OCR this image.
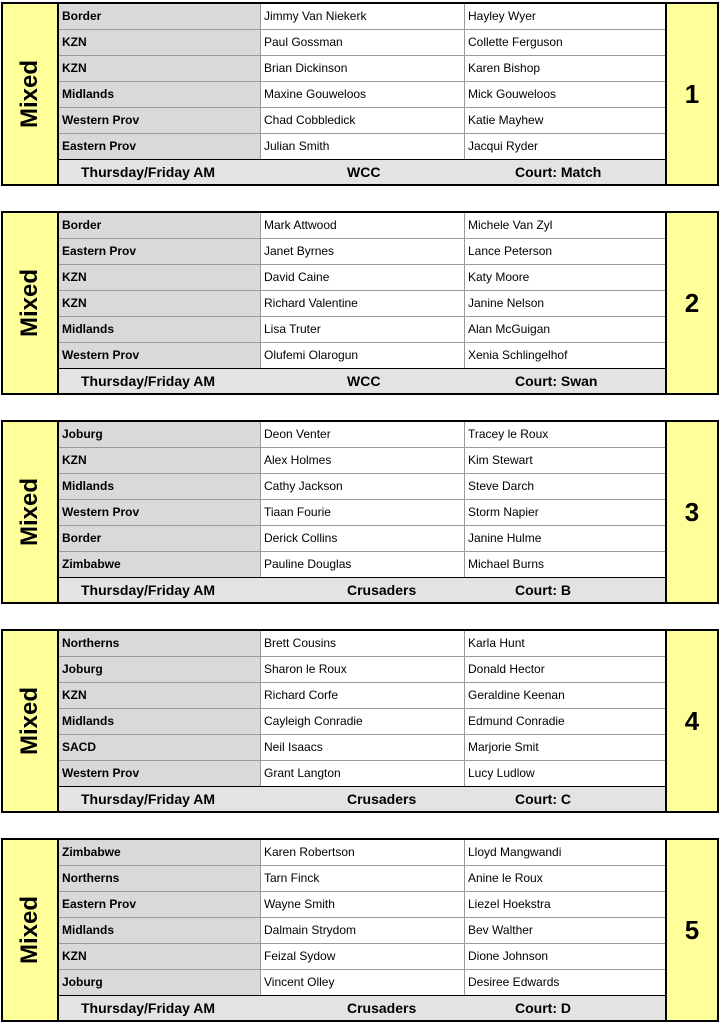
Mixed
Border	Jimmy Van Niekerk	Hayley Wyer
KZN	Paul Gossman	Collette Ferguson
KZN	Brian Dickinson	Karen Bishop
Midlands	Maxine Gouweloos	Mick Gouweloos
Western Prov	Chad Cobbledick	Katie Mayhew
Eastern Prov	Julian Smith	Jacqui Ryder
Thursday/Friday AM	WCC	Court: Match
1
Mixed
Border	Mark Attwood	Michele Van Zyl
Eastern Prov	Janet Byrnes	Lance Peterson
KZN	David Caine	Katy Moore
KZN	Richard Valentine	Janine Nelson
Midlands	Lisa Truter	Alan McGuigan
Western Prov	Olufemi Olarogun	Xenia Schlingelhof
Thursday/Friday AM	WCC	Court: Swan
2
Mixed
Joburg	Deon Venter	Tracey le Roux
KZN	Alex Holmes	Kim Stewart
Midlands	Cathy Jackson	Steve Darch
Western Prov	Tiaan Fourie	Storm Napier
Border	Derick Collins	Janine Hulme
Zimbabwe	Pauline Douglas	Michael Burns
Thursday/Friday AM	Crusaders	Court: B
3
Mixed
Northerns	Brett Cousins	Karla Hunt
Joburg	Sharon le Roux	Donald Hector
KZN	Richard Corfe	Geraldine Keenan
Midlands	Cayleigh Conradie	Edmund Conradie
SACD	Neil Isaacs	Marjorie Smit
Western Prov	Grant Langton	Lucy Ludlow
Thursday/Friday AM	Crusaders	Court: C
4
Mixed
Zimbabwe	Karen Robertson	Lloyd Mangwandi
Northerns	Tarn Finck	Anine le Roux
Eastern Prov	Wayne Smith	Liezel Hoekstra
Midlands	Dalmain Strydom	Bev Walther
KZN	Feizal Sydow	Dione Johnson
Joburg	Vincent Olley	Desiree Edwards
Thursday/Friday AM	Crusaders	Court: D
5
